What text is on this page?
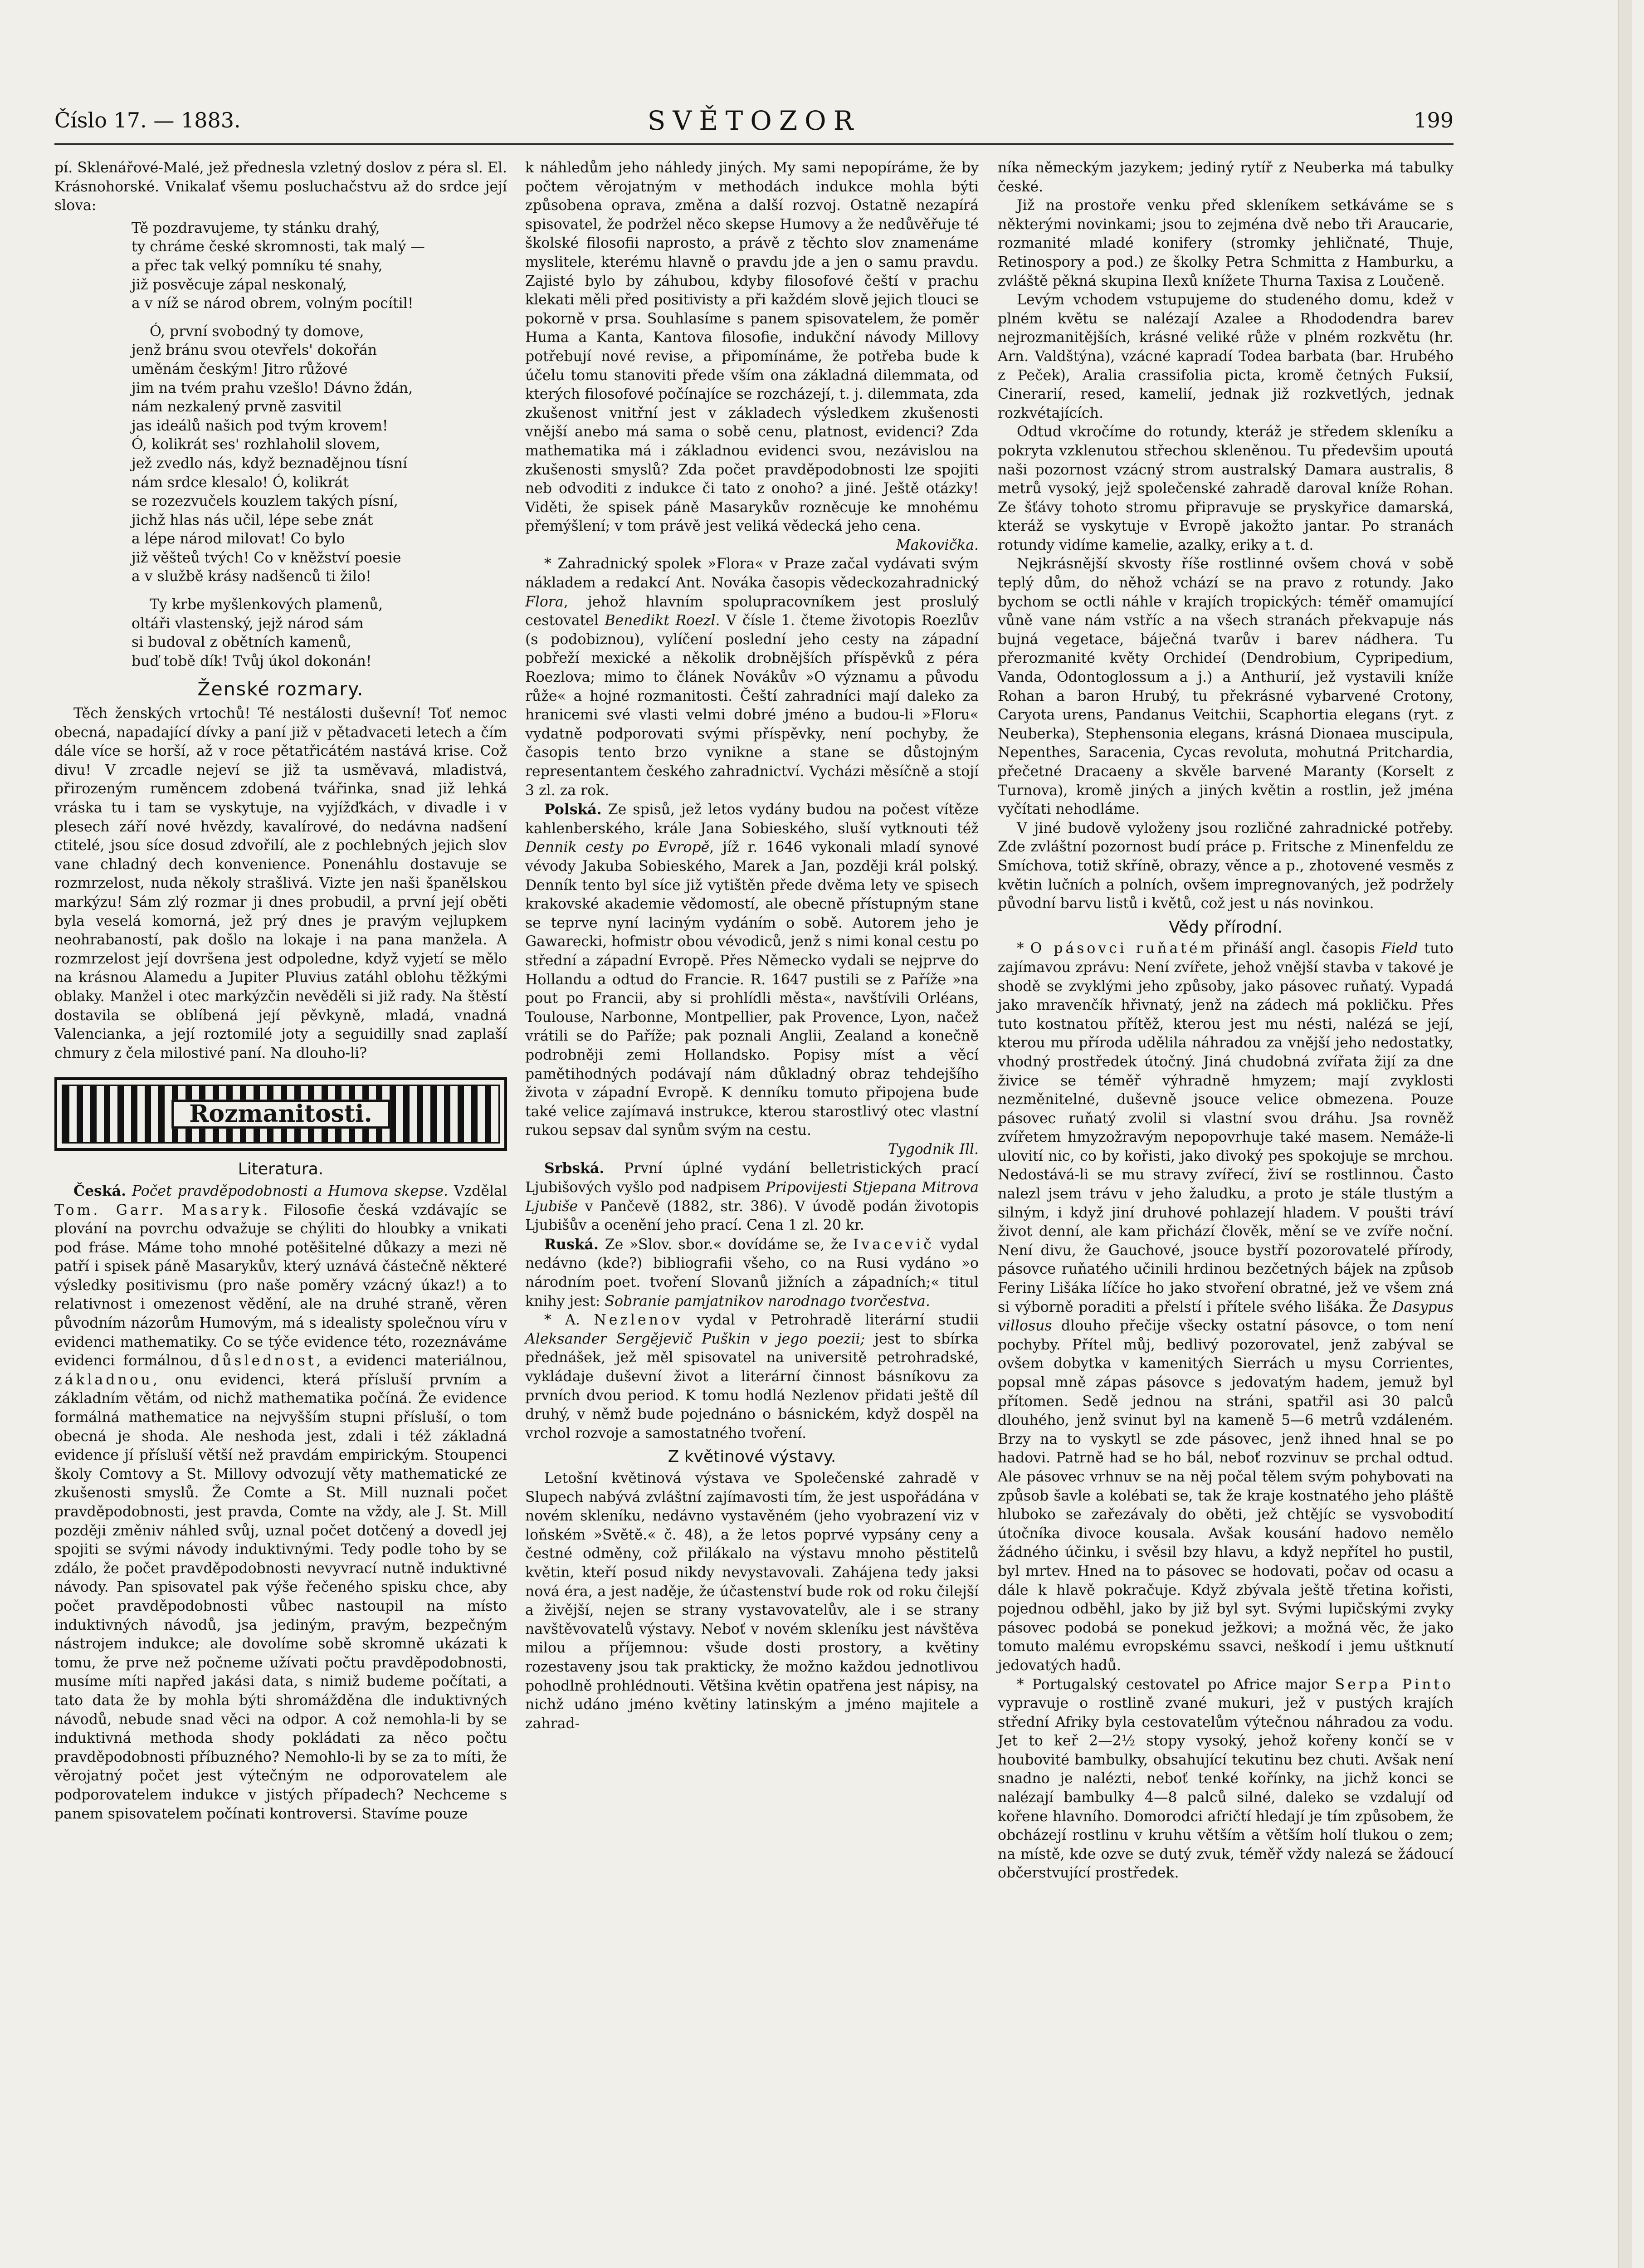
Číslo 17. — 1883.	SVĚTOZOR	199

pí. Sklenářové-Malé, jež přednesla vzletný doslov z péra sl. El. Krásnohorské. Vnikalať všemu posluchačstvu až do srdce její slova:

Tě pozdravujeme, ty stánku drahý,
ty chráme české skromnosti, tak malý —
a přec tak velký pomníku té snahy,
již posvěcuje zápal neskonalý,
a v níž se národ obrem, volným pocítil!
Ó, první svobodný ty domove,
jenž bránu svou otevřels' dokořán
uměnám českým! Jitro růžové
jim na tvém prahu vzešlo! Dávno ždán,
nám nezkalený prvně zasvitil
jas ideálů našich pod tvým krovem!
Ó, kolikrát ses' rozhlaholil slovem,
jež zvedlo nás, když beznadějnou tísní
nám srdce klesalo! Ó, kolikrát
se rozezvučels kouzlem takých písní,
jichž hlas nás učil, lépe sebe znát
a lépe národ milovat! Co bylo
již věšteů tvých! Co v kněžství poesie
a v službě krásy nadšenců ti žilo!
Ty krbe myšlenkových plamenů,
oltáři vlastenský, jejž národ sám
si budoval z obětních kamenů,
buď tobě dík! Tvůj úkol dokonán!
Ženské rozmary.

Těch ženských vrtochů! Té nestálosti duševní! Toť nemoc obecná, napadající dívky a paní již v pětadvaceti letech a čím dále více se horší, až v roce pětatřicátém nastává krise. Což divu! V zrcadle nejeví se již ta usměvavá, mladistvá, přirozeným ruměncem zdobená tvářinka, snad již lehká vráska tu i tam se vyskytuje, na vyjížďkách, v divadle i v plesech září nové hvězdy, kavalírové, do nedávna nadšení ctitelé, jsou síce dosud zdvořilí, ale z pochlebných jejich slov vane chladný dech konvenience. Ponenáhlu dostavuje se rozmrzelost, nuda několy strašlivá. Vizte jen naši španělskou markýzu! Sám zlý rozmar ji dnes probudil, a první její oběti byla veselá komorná, jež prý dnes je pravým vejlupkem neohrabaností, pak došlo na lokaje i na pana manžela. A rozmrzelost její dovršena jest odpoledne, když vyjetí se mělo na krásnou Alamedu a Jupiter Pluvius zatáhl oblohu těžkými oblaky. Manžel i otec markýzčin nevěděli si již rady. Na štěstí dostavila se oblíbená její pěvkyně, mladá, vnadná Valencianka, a její roztomilé joty a seguidilly snad zaplaší chmury z čela milostivé paní. Na dlouho-li?

Rozmanitosti.
Literatura.

Česká. Počet pravděpodobnosti a Humova skepse. Vzdělal Tom. Garr. Masaryk. Filosofie česká vzdávajíc se plování na povrchu odvažuje se chýliti do hloubky a vnikati pod fráse. Máme toho mnohé potěšitelné důkazy a mezi ně patří i spisek páně Masarykův, který uznává částečně některé výsledky positivismu (pro naše poměry vzácný úkaz!) a to relativnost i omezenost vědění, ale na druhé straně, věren původním názorům Humovým, má s idealisty společnou víru v evidenci mathematiky. Co se týče evidence této, rozeznáváme evidenci formálnou, důslednost, a evidenci materiálnou, základnou, onu evidenci, která přísluší prvním a základním větám, od nichž mathematika počíná. Že evidence formálná mathematice na nejvyšším stupni přísluší, o tom obecná je shoda. Ale neshoda jest, zdali i též základná evidence jí přísluší větší než pravdám empirickým. Stoupenci školy Comtovy a St. Millovy odvozují věty mathematické ze zkušenosti smyslů. Že Comte a St. Mill nuznali počet pravděpodobnosti, jest pravda, Comte na vždy, ale J. St. Mill později změniv náhled svůj, uznal počet dotčený a dovedl jej spojiti se svými návody induktivnými. Tedy podle toho by se zdálo, že počet pravděpodobnosti nevyvrací nutně induktivné návody. Pan spisovatel pak výše řečeného spisku chce, aby počet pravděpodobnosti vůbec nastoupil na místo induktivných návodů, jsa jediným, pravým, bezpečným nástrojem indukce; ale dovolíme sobě skromně ukázati k tomu, že prve než počneme užívati počtu pravděpodobnosti, musíme míti napřed jakási data, s nimiž budeme počítati, a tato data že by mohla býti shromážděna dle induktivných návodů, nebude snad věci na odpor. A což nemohla-li by se induktivná methoda shody pokládati za něco počtu pravděpodobnosti příbuzného? Nemohlo-li by se za to míti, že věrojatný počet jest výtečným ne odporovatelem ale podporovatelem indukce v jistých případech? Nechceme s panem spisovatelem počínati kontroversi. Stavíme pouze

k náhledům jeho náhledy jiných. My sami nepopíráme, že by počtem věrojatným v methodách indukce mohla býti způsobena oprava, změna a další rozvoj. Ostatně nezapírá spisovatel, že podržel něco skepse Humovy a že nedůvěřuje té školské filosofii naprosto, a právě z těchto slov znamenáme myslitele, kterému hlavně o pravdu jde a jen o samu pravdu. Zajisté bylo by záhubou, kdyby filosofové čeští v prachu klekati měli před positivisty a při každém slově jejich tlouci se pokorně v prsa. Souhlasíme s panem spisovatelem, že poměr Huma a Kanta, Kantova filosofie, indukční návody Millovy potřebují nové revise, a připomínáme, že potřeba bude k účelu tomu stanoviti přede vším ona základná dilemmata, od kterých filosofové počínajíce se rozcházejí, t. j. dilemmata, zda zkušenost vnitřní jest v základech výsledkem zkušenosti vnější anebo má sama o sobě cenu, platnost, evidenci? Zda mathematika má i základnou evidenci svou, nezávislou na zkušenosti smyslů? Zda počet pravděpodobnosti lze spojiti neb odvoditi z indukce či tato z onoho? a jiné. Ještě otázky! Viděti, že spisek páně Masarykův rozněcuje ke mnohému přemýšlení; v tom právě jest veliká vědecká jeho cena.

Makovička.

* Zahradnický spolek »Flora« v Praze začal vydávati svým nákladem a redakcí Ant. Nováka časopis vědeckozahradnický Flora, jehož hlavním spolupracovníkem jest proslulý cestovatel Benedikt Roezl. V čísle 1. čteme životopis Roezlův (s podobiznou), vylíčení poslední jeho cesty na západní pobřeží mexické a několik drobnějších příspěvků z péra Roezlova; mimo to článek Novákův »O významu a původu růže« a hojné rozmanitosti. Čeští zahradníci mají daleko za hranicemi své vlasti velmi dobré jméno a budou-li »Floru« vydatně podporovati svými příspěvky, není pochyby, že časopis tento brzo vynikne a stane se důstojným representantem českého zahradnictví. Vycházi měsíčně a stojí 3 zl. za rok.

Polská. Ze spisů, jež letos vydány budou na počest vítěze kahlenberského, krále Jana Sobieského, sluší vytknouti též Dennik cesty po Evropě, jíž r. 1646 vykonali mladí synové vévody Jakuba Sobieského, Marek a Jan, později král polský. Denník tento byl síce již vytištěn přede dvěma lety ve spisech krakovské akademie vědomostí, ale obecně přístupným stane se teprve nyní laciným vydáním o sobě. Autorem jeho je Gawarecki, hofmistr obou vévodiců, jenž s nimi konal cestu po střední a západní Evropě. Přes Německo vydali se nejprve do Hollandu a odtud do Francie. R. 1647 pustili se z Paříže »na pout po Francii, aby si prohlídli města«, navštívili Orléans, Toulouse, Narbonne, Montpellier, pak Provence, Lyon, načež vrátili se do Paříže; pak poznali Anglii, Zealand a konečně podrobněji zemi Hollandsko. Popisy míst a věcí pamětihodných podávají nám důkladný obraz tehdejšího života v západní Evropě. K denníku tomuto připojena bude také velice zajímavá instrukce, kterou starostlivý otec vlastní rukou sepsav dal synům svým na cestu.

Tygodnik Ill.

Srbská. První úplné vydání belletristických prací Ljubišových vyšlo pod nadpisem Pripovijesti Stjepana Mitrova Ljubiše v Pančevě (1882, str. 386). V úvodě podán životopis Ljubišův a ocenění jeho prací. Cena 1 zl. 20 kr.

Ruská. Ze »Slov. sbor.« dovídáme se, že Ivacevič vydal nedávno (kde?) bibliografii všeho, co na Rusi vydáno »o národním poet. tvoření Slovanů jižních a západních;« titul knihy jest: Sobranie pamjatnikov narodnago tvorčestva.

* A. Nezlenov vydal v Petrohradě literární studii Aleksander Sergějevič Puškin v jego poezii; jest to sbírka přednášek, jež měl spisovatel na universitě petrohradské, vykládaje duševní život a literární činnost básníkovu za prvních dvou period. K tomu hodlá Nezlenov přidati ještě díl druhý, v němž bude pojednáno o básnickém, když dospěl na vrchol rozvoje a samostatného tvoření.

Z květinové výstavy.

Letošní květinová výstava ve Společenské zahradě v Slupech nabývá zvláštní zajímavosti tím, že jest uspořádána v novém skleníku, nedávno vystavěném (jeho vyobrazení viz v loňském »Světě.« č. 48), a že letos poprvé vypsány ceny a čestné odměny, což přilákalo na výstavu mnoho pěstitelů květin, kteří posud nikdy nevystavovali. Zahájena tedy jaksi nová éra, a jest naděje, že účastenství bude rok od roku čilejší a živější, nejen se strany vystavovatelův, ale i se strany navštěvovatelů výstavy. Neboť v novém skleníku jest návštěva milou a příjemnou: všude dosti prostory, a květiny rozestaveny jsou tak prakticky, že možno každou jednotlivou pohodlně prohlédnouti. Většina květin opatřena jest nápisy, na nichž udáno jméno květiny latinským a jméno majitele a zahrad-

níka německým jazykem; jediný rytíř z Neuberka má tabulky české.

Již na prostoře venku před skleníkem setkáváme se s některými novinkami; jsou to zejména dvě nebo tři Araucarie, rozmanité mladé konifery (stromky jehličnaté, Thuje, Retinospory a pod.) ze školky Petra Schmitta z Hamburku, a zvláště pěkná skupina Ilexů knížete Thurna Taxisa z Loučeně.

Levým vchodem vstupujeme do studeného domu, kdež v plném květu se nalézají Azalee a Rhododendra barev nejrozmanitějších, krásné veliké růže v plném rozkvětu (hr. Arn. Valdštýna), vzácné kapradí Todea barbata (bar. Hrubého z Peček), Aralia crassifolia picta, kromě četných Fuksií, Cinerarií, resed, kamelií, jednak již rozkvetlých, jednak rozkvétajících.

Odtud vkročíme do rotundy, kteráž je středem skleníku a pokryta vzklenutou střechou skleněnou. Tu předevšim upoutá naši pozornost vzácný strom australský Damara australis, 8 metrů vysoký, jejž společenské zahradě daroval kníže Rohan. Ze šťávy tohoto stromu připravuje se pryskyřice damarská, kteráž se vyskytuje v Evropě jakožto jantar. Po stranách rotundy vidíme kamelie, azalky, eriky a t. d.

Nejkrásnější skvosty říše rostlinné ovšem chová v sobě teplý dům, do něhož vchází se na pravo z rotundy. Jako bychom se octli náhle v krajích tropických: téměř omamující vůně vane nám vstříc a na všech stranách překvapuje nás bujná vegetace, báječná tvarův i barev nádhera. Tu přerozmanité květy Orchideí (Dendrobium, Cypripedium, Vanda, Odontoglossum a j.) a Anthurií, jež vystavili kníže Rohan a baron Hrubý, tu překrásné vybarvené Crotony, Caryota urens, Pandanus Veitchii, Scaphortia elegans (ryt. z Neuberka), Stephensonia elegans, krásná Dionaea muscipula, Nepenthes, Saracenia, Cycas revoluta, mohutná Pritchardia, přečetné Dracaeny a skvěle barvené Maranty (Korselt z Turnova), kromě jiných a jiných květin a rostlin, jež jména vyčítati nehodláme.

V jiné budově vyloženy jsou rozličné zahradnické potřeby. Zde zvláštní pozornost budí práce p. Fritsche z Minenfeldu ze Smíchova, totiž skříně, obrazy, věnce a p., zhotovené vesměs z květin lučních a polních, ovšem impregnovaných, jež podržely původní barvu listů i květů, což jest u nás novinkou.

Vědy přírodní.

* O pásovci ruňatém přináší angl. časopis Field tuto zajímavou zprávu: Není zvířete, jehož vnější stavba v takové je shodě se zvyklými jeho způsoby, jako pásovec ruňatý. Vypadá jako mravenčík hřivnatý, jenž na zádech má pokličku. Přes tuto kostnatou přítěž, kterou jest mu nésti, nalézá se její, kterou mu příroda udělila náhradou za vnější jeho nedostatky, vhodný prostředek útočný. Jiná chudobná zvířata žijí za dne živice se téměř výhradně hmyzem; mají zvyklosti nezměnitelné, duševně jsouce velice obmezena. Pouze pásovec ruňatý zvolil si vlastní svou dráhu. Jsa rovněž zvířetem hmyzožravým nepopovrhuje také masem. Nemáže-li ulovití nic, co by kořisti, jako divoký pes spokojuje se mrchou. Nedostává-li se mu stravy zvířecí, živí se rostlinnou. Často nalezl jsem trávu v jeho žaludku, a proto je stále tlustým a silným, i když jiní druhové pohlazejí hladem. V poušti tráví život denní, ale kam přichází člověk, mění se ve zvíře noční. Není divu, že Gauchové, jsouce bystří pozorovatelé přírody, pásovce ruňatého učinili hrdinou bezčetných bájek na způsob Feriny Lišáka líčíce ho jako stvoření obratné, jež ve všem zná si výborně poraditi a přelstí i přítele svého lišáka. Že Dasypus villosus dlouho přečije všecky ostatní pásovce, o tom není pochyby. Přítel můj, bedlivý pozorovatel, jenž zabýval se ovšem dobytka v kamenitých Sierrách u mysu Corrientes, popsal mně zápas pásovce s jedovatým hadem, jemuž byl přítomen. Sedě jednou na stráni, spatřil asi 30 palců dlouhého, jenž svinut byl na kameně 5—6 metrů vzdáleném. Brzy na to vyskytl se zde pásovec, jenž ihned hnal se po hadovi. Patrně had se ho bál, neboť rozvinuv se prchal odtud. Ale pásovec vrhnuv se na něj počal tělem svým pohybovati na způsob šavle a kolébati se, tak že kraje kostnatého jeho pláště hluboko se zařezávaly do oběti, jež chtějíc se vysvobodití útočníka divoce kousala. Avšak kousání hadovo nemělo žádného účinku, i svěsil bzy hlavu, a když nepřítel ho pustil, byl mrtev. Hned na to pásovec se hodovati, počav od ocasu a dále k hlavě pokračuje. Když zbývala ještě třetina kořisti, pojednou odběhl, jako by již byl syt. Svými lupičskými zvyky pásovec podobá se ponekud ježkovi; a možná věc, že jako tomuto malému evropskému ssavci, neškodí i jemu uštknutí jedovatých hadů.

* Portugalský cestovatel po Africe major Serpa Pinto vypravuje o rostlině zvané mukuri, jež v pustých krajích střední Afriky byla cestovatelům výtečnou náhradou za vodu. Jet to keř 2—2½ stopy vysoký, jehož kořeny končí se v houbovité bambulky, obsahující tekutinu bez chuti. Avšak není snadno je nalézti, neboť tenké kořínky, na jichž konci se nalézají bambulky 4—8 palců silné, daleko se vzdalují od kořene hlavního. Domorodci afričtí hledají je tím způsobem, že obcházejí rostlinu v kruhu větším a větším holí tlukou o zem; na místě, kde ozve se dutý zvuk, téměř vždy nalezá se žádoucí občerstvující prostředek.
